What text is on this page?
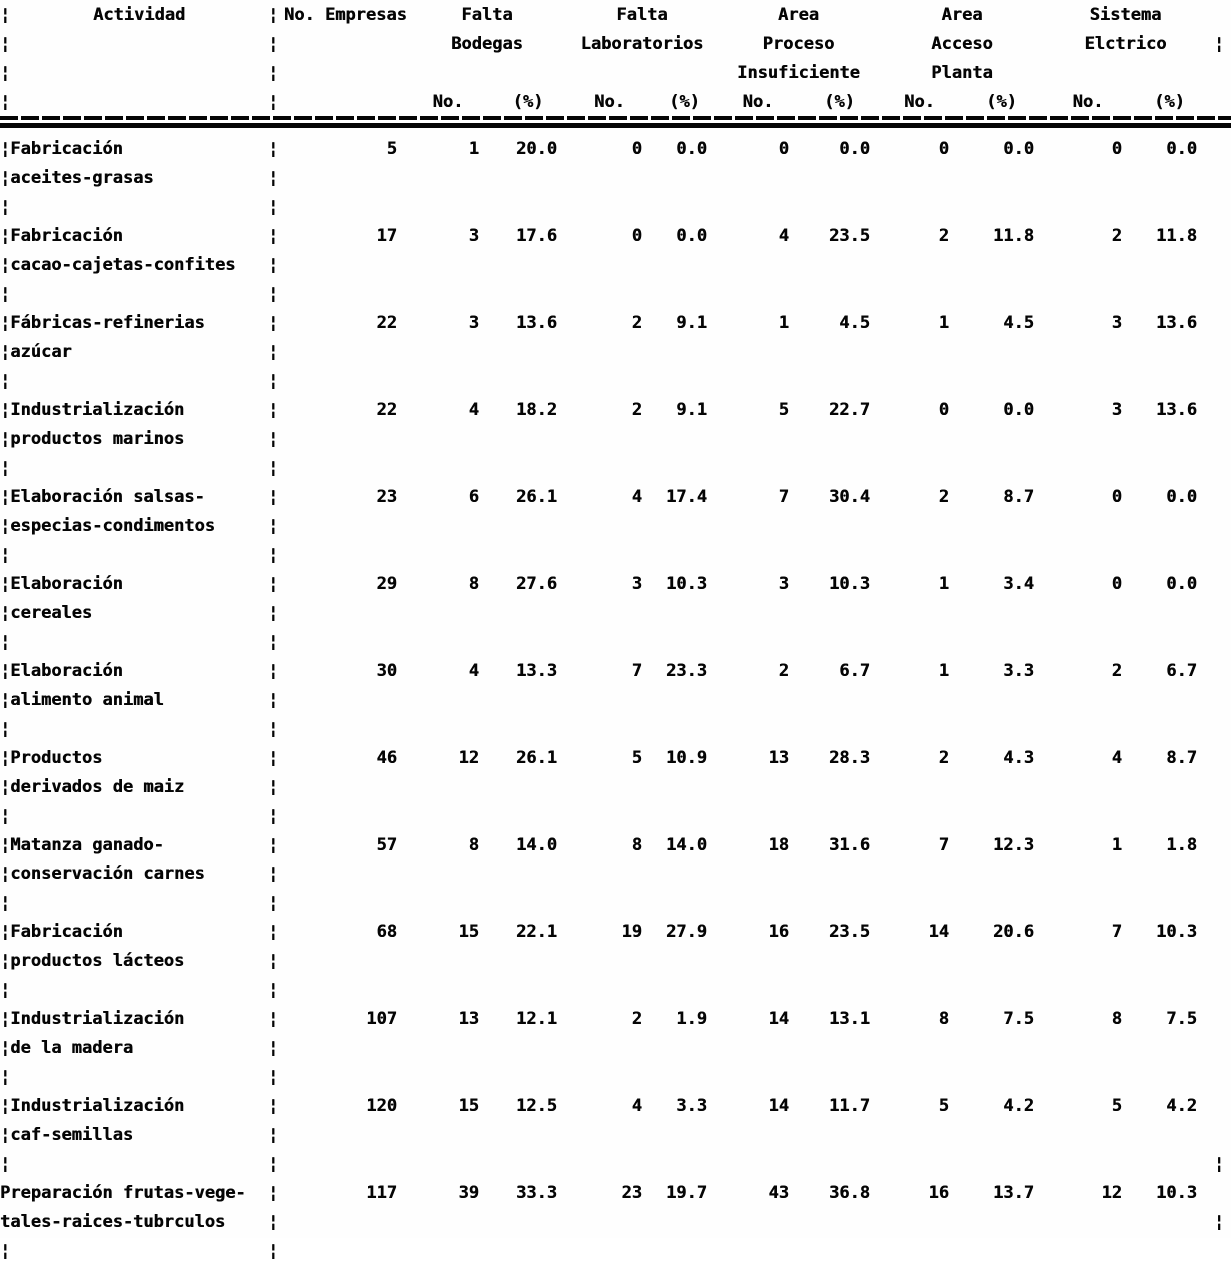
¦	Actividad	¦ No. Empresas	Falta	Falta	Area	Area	Sistema
¦	¦	Bodegas	Laboratorios	Proceso	Acceso	Elctrico	¦
¦	¦	Insuficiente	Planta
¦	¦	No.	(%)	No.	(%)	No.	(%)	No.	(%)	No.	(%)
¦Fabricación	¦	5	1	20.0	0	0.0	0	0.0	0	0.0	0	0.0
¦aceites-grasas	¦
¦	¦
¦Fabricación	¦	17	3	17.6	0	0.0	4	23.5	2	11.8	2	11.8
¦cacao-cajetas-confites	¦
¦	¦
¦Fábricas-refinerias	¦	22	3	13.6	2	9.1	1	4.5	1	4.5	3	13.6
¦azúcar	¦
¦	¦
¦Industrialización	¦	22	4	18.2	2	9.1	5	22.7	0	0.0	3	13.6
¦productos marinos	¦
¦	¦
¦Elaboración salsas-	¦	23	6	26.1	4	17.4	7	30.4	2	8.7	0	0.0
¦especias-condimentos	¦
¦	¦
¦Elaboración	¦	29	8	27.6	3	10.3	3	10.3	1	3.4	0	0.0
¦cereales	¦
¦	¦
¦Elaboración	¦	30	4	13.3	7	23.3	2	6.7	1	3.3	2	6.7
¦alimento animal	¦
¦	¦
¦Productos	¦	46	12	26.1	5	10.9	13	28.3	2	4.3	4	8.7
¦derivados de maiz	¦
¦	¦
¦Matanza ganado-	¦	57	8	14.0	8	14.0	18	31.6	7	12.3	1	1.8
¦conservación carnes	¦
¦	¦
¦Fabricación	¦	68	15	22.1	19	27.9	16	23.5	14	20.6	7	10.3
¦productos lácteos	¦
¦	¦
¦Industrialización	¦	107	13	12.1	2	1.9	14	13.1	8	7.5	8	7.5
¦de la madera	¦
¦	¦
¦Industrialización	¦	120	15	12.5	4	3.3	14	11.7	5	4.2	5	4.2
¦caf-semillas	¦
¦	¦	¦
Preparación frutas-vege-	¦	117	39	33.3	23	19.7	43	36.8	16	13.7	12	10.3
tales-raices-tubrculos	¦	¦
¦	¦
